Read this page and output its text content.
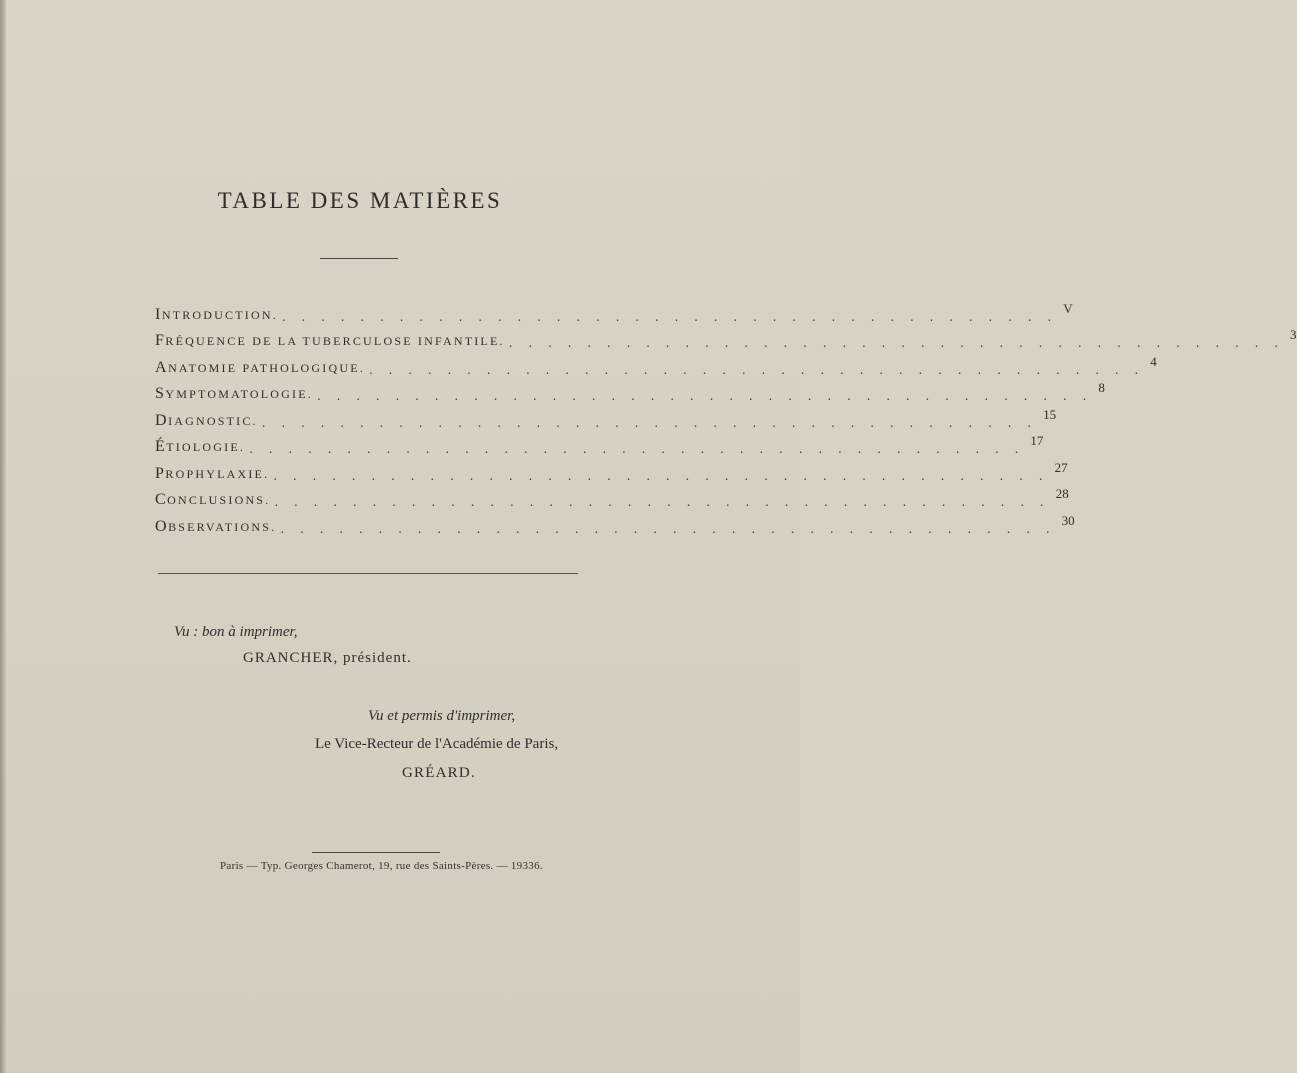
TABLE DES MATIÈRES
INTRODUCTION. . . . . . . . . . . . . . . . . . . . . . . . . . . . . . . . . . . . . . . . .
V
FRÉQUENCE DE LA TUBERCULOSE INFANTILE. . . . . . . . . . . . . . . . . . . . . . . . . . . . . . . . . . . . . . . . .
3
ANATOMIE PATHOLOGIQUE. . . . . . . . . . . . . . . . . . . . . . . . . . . . . . . . . . . . . . . . .
4
SYMPTOMATOLOGIE. . . . . . . . . . . . . . . . . . . . . . . . . . . . . . . . . . . . . . . . .
8
DIAGNOSTIC. . . . . . . . . . . . . . . . . . . . . . . . . . . . . . . . . . . . . . . . .
15
ÉTIOLOGIE. . . . . . . . . . . . . . . . . . . . . . . . . . . . . . . . . . . . . . . . .
17
PROPHYLAXIE. . . . . . . . . . . . . . . . . . . . . . . . . . . . . . . . . . . . . . . . .
27
CONCLUSIONS. . . . . . . . . . . . . . . . . . . . . . . . . . . . . . . . . . . . . . . . .
28
OBSERVATIONS. . . . . . . . . . . . . . . . . . . . . . . . . . . . . . . . . . . . . . . . .
30
Vu : bon à imprimer,
GRANCHER, président.
Vu et permis d'imprimer,
Le Vice-Recteur de l'Académie de Paris,
GRÉARD.
Paris — Typ. Georges Chamerot, 19, rue des Saints-Pères. — 19336.
